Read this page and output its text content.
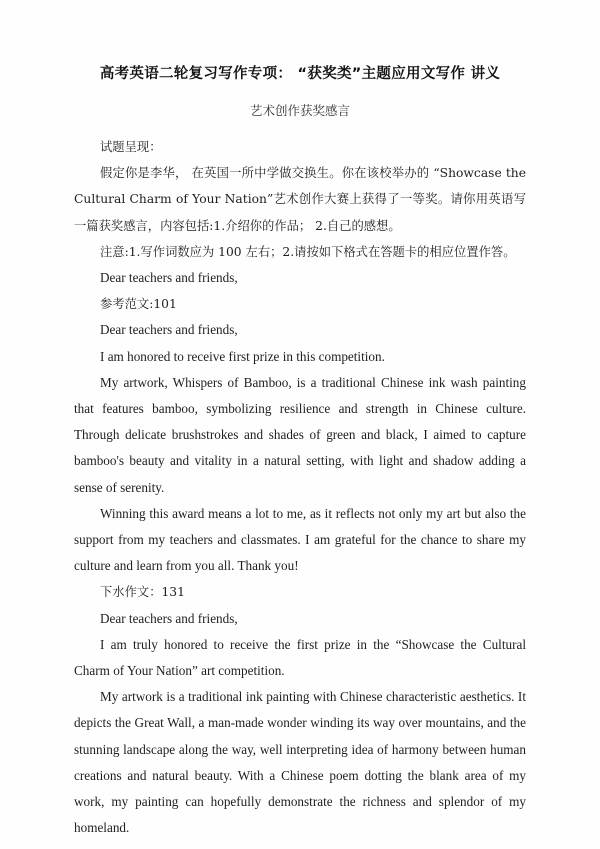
高考英语二轮复习写作专项： “获奖类”主题应用文写作 讲义
艺术创作获奖感言

试题呈现：

假定你是李华， 在英国一所中学做交换生。你在该校举办的 “Showcase the Cultural Charm of Your Nation”艺术创作大赛上获得了一等奖。请你用英语写一篇获奖感言，内容包括:1.介绍你的作品； 2.自己的感想。

注意:1.写作词数应为 100 左右；2.请按如下格式在答题卡的相应位置作答。

Dear teachers and friends,

参考范文:101

Dear teachers and friends,

I am honored to receive first prize in this competition.

My artwork, Whispers of Bamboo, is a traditional Chinese ink wash painting that features bamboo, symbolizing resilience and strength in Chinese culture. Through delicate brushstrokes and shades of green and black, I aimed to capture bamboo's beauty and vitality in a natural setting, with light and shadow adding a sense of serenity.

Winning this award means a lot to me, as it reflects not only my art but also the support from my teachers and classmates. I am grateful for the chance to share my culture and learn from you all. Thank you!

下水作文：131

Dear teachers and friends,

I am truly honored to receive the first prize in the “Showcase the Cultural Charm of Your Nation” art competition.

My artwork is a traditional ink painting with Chinese characteristic aesthetics. It depicts the Great Wall, a man-made wonder winding its way over mountains, and the stunning landscape along the way, well interpreting idea of harmony between human creations and natural beauty. With a Chinese poem dotting the blank area of my work, my painting can hopefully demonstrate the richness and splendor of my homeland.
